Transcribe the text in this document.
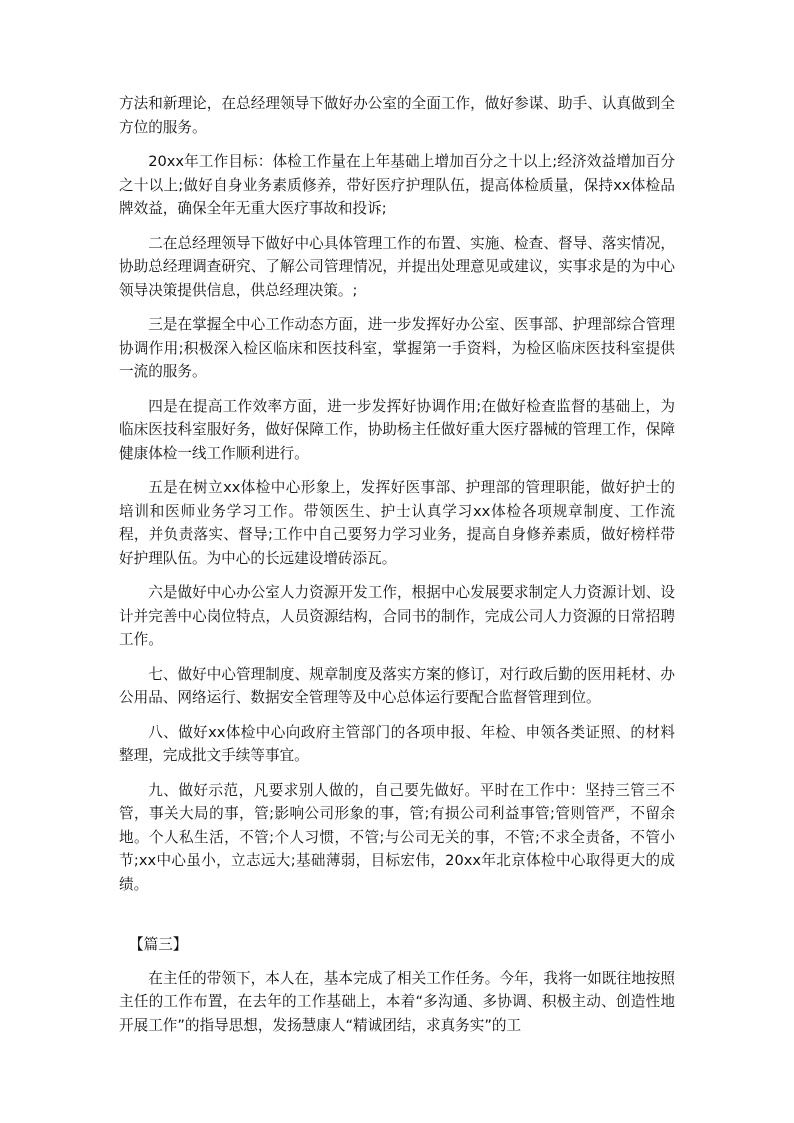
方法和新理论，在总经理领导下做好办公室的全面工作，做好参谋、助手、认真做到全方位的服务。

20xx年工作目标：体检工作量在上年基础上增加百分之十以上;经济效益增加百分之十以上;做好自身业务素质修养，带好医疗护理队伍，提高体检质量，保持xx体检品牌效益，确保全年无重大医疗事故和投诉;

二在总经理领导下做好中心具体管理工作的布置、实施、检查、督导、落实情况，协助总经理调查研究、了解公司管理情况，并提出处理意见或建议，实事求是的为中心领导决策提供信息，供总经理决策。;

三是在掌握全中心工作动态方面，进一步发挥好办公室、医事部、护理部综合管理协调作用;积极深入检区临床和医技科室，掌握第一手资料，为检区临床医技科室提供一流的服务。

四是在提高工作效率方面，进一步发挥好协调作用;在做好检查监督的基础上，为临床医技科室服好务，做好保障工作，协助杨主任做好重大医疗器械的管理工作，保障健康体检一线工作顺利进行。

五是在树立xx体检中心形象上，发挥好医事部、护理部的管理职能，做好护士的培训和医师业务学习工作。带领医生、护士认真学习xx体检各项规章制度、工作流程，并负责落实、督导;工作中自己要努力学习业务，提高自身修养素质，做好榜样带好护理队伍。为中心的长远建设增砖添瓦。

六是做好中心办公室人力资源开发工作，根据中心发展要求制定人力资源计划、设计并完善中心岗位特点，人员资源结构，合同书的制作，完成公司人力资源的日常招聘工作。

七、做好中心管理制度、规章制度及落实方案的修订，对行政后勤的医用耗材、办公用品、网络运行、数据安全管理等及中心总体运行要配合监督管理到位。

八、做好xx体检中心向政府主管部门的各项申报、年检、申领各类证照、的材料整理，完成批文手续等事宜。

九、做好示范，凡要求别人做的，自己要先做好。平时在工作中：坚持三管三不管，事关大局的事，管;影响公司形象的事，管;有损公司利益事管;管则管严，不留余地。个人私生活，不管;个人习惯，不管;与公司无关的事，不管;不求全责备，不管小节;xx中心虽小，立志远大;基础薄弱，目标宏伟，20xx年北京体检中心取得更大的成绩。

【篇三】

在主任的带领下，本人在，基本完成了相关工作任务。今年，我将一如既往地按照主任的工作布置，在去年的工作基础上，本着“多沟通、多协调、积极主动、创造性地开展工作”的指导思想，发扬慧康人“精诚团结，求真务实”的工
